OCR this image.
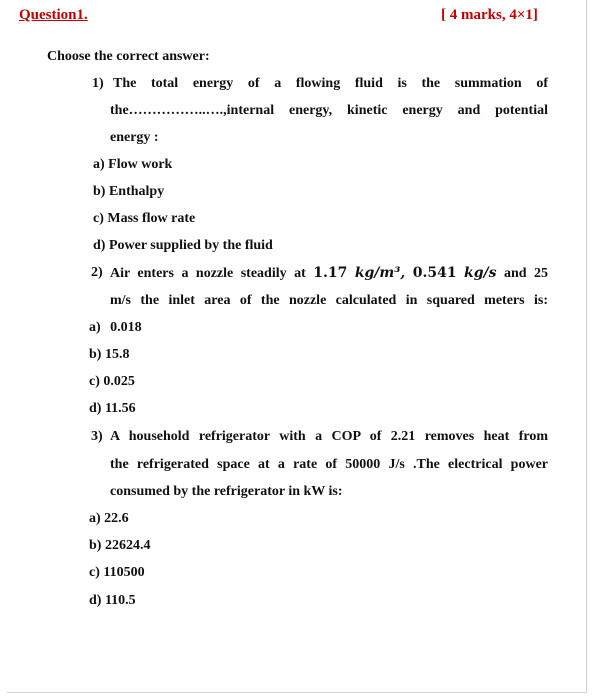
Question1.	[ 4 marks, 4×1]
Choose the correct answer:
1) The total energy of a flowing fluid is the summation of
the……………..….,internal energy, kinetic energy and potential
energy :
a) Flow work
b) Enthalpy
c) Mass flow rate
d) Power supplied by the fluid
2) Air enters a nozzle steadily at 1.17 kg/m³, 0.541 kg/s and 25
m/s the inlet area of the nozzle calculated in squared meters is:
a) 0.018
b) 15.8
c) 0.025
d) 11.56
3) A household refrigerator with a COP of 2.21 removes heat from
the refrigerated space at a rate of 50000 J/s .The electrical power
consumed by the refrigerator in kW is:
a) 22.6
b) 22624.4
c) 110500
d) 110.5
